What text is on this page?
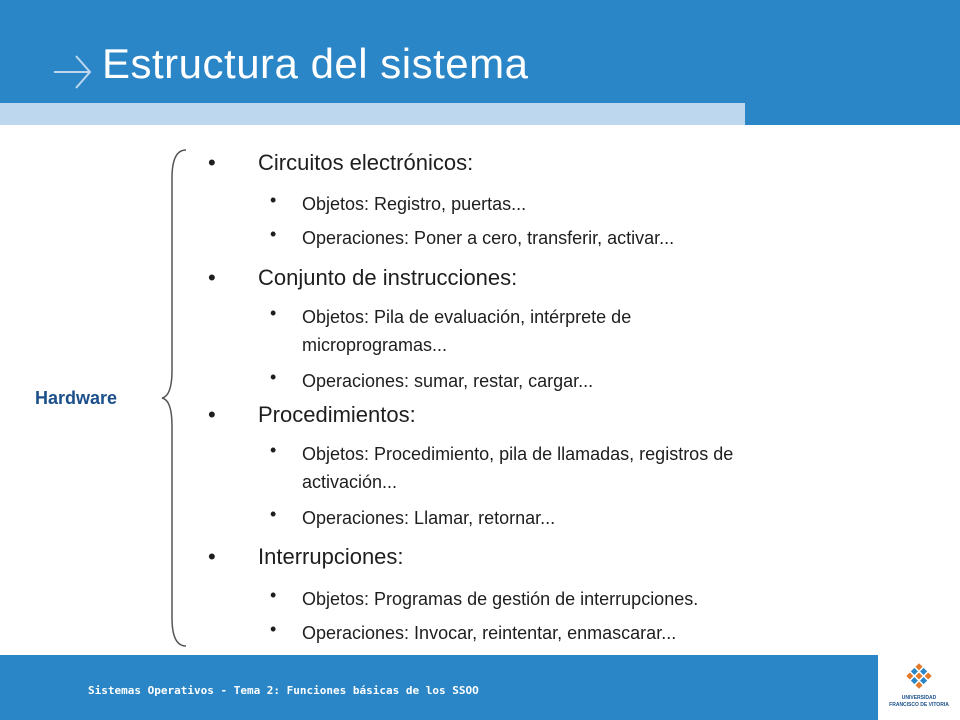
Estructura del sistema
Hardware
• Circuitos electrónicos:
• Objetos: Registro, puertas...
• Operaciones: Poner a cero, transferir, activar...
• Conjunto de instrucciones:
• Objetos: Pila de evaluación, intérprete de
microprogramas...
• Operaciones: sumar, restar, cargar...
• Procedimientos:
• Objetos: Procedimiento, pila de llamadas, registros de
activación...
• Operaciones: Llamar, retornar...
• Interrupciones:
• Objetos: Programas de gestión de interrupciones.
• Operaciones: Invocar, reintentar, enmascarar...
Sistemas Operativos - Tema 2: Funciones básicas de los SSOO
UNIVERSIDAD
FRANCISCO DE VITORIA
